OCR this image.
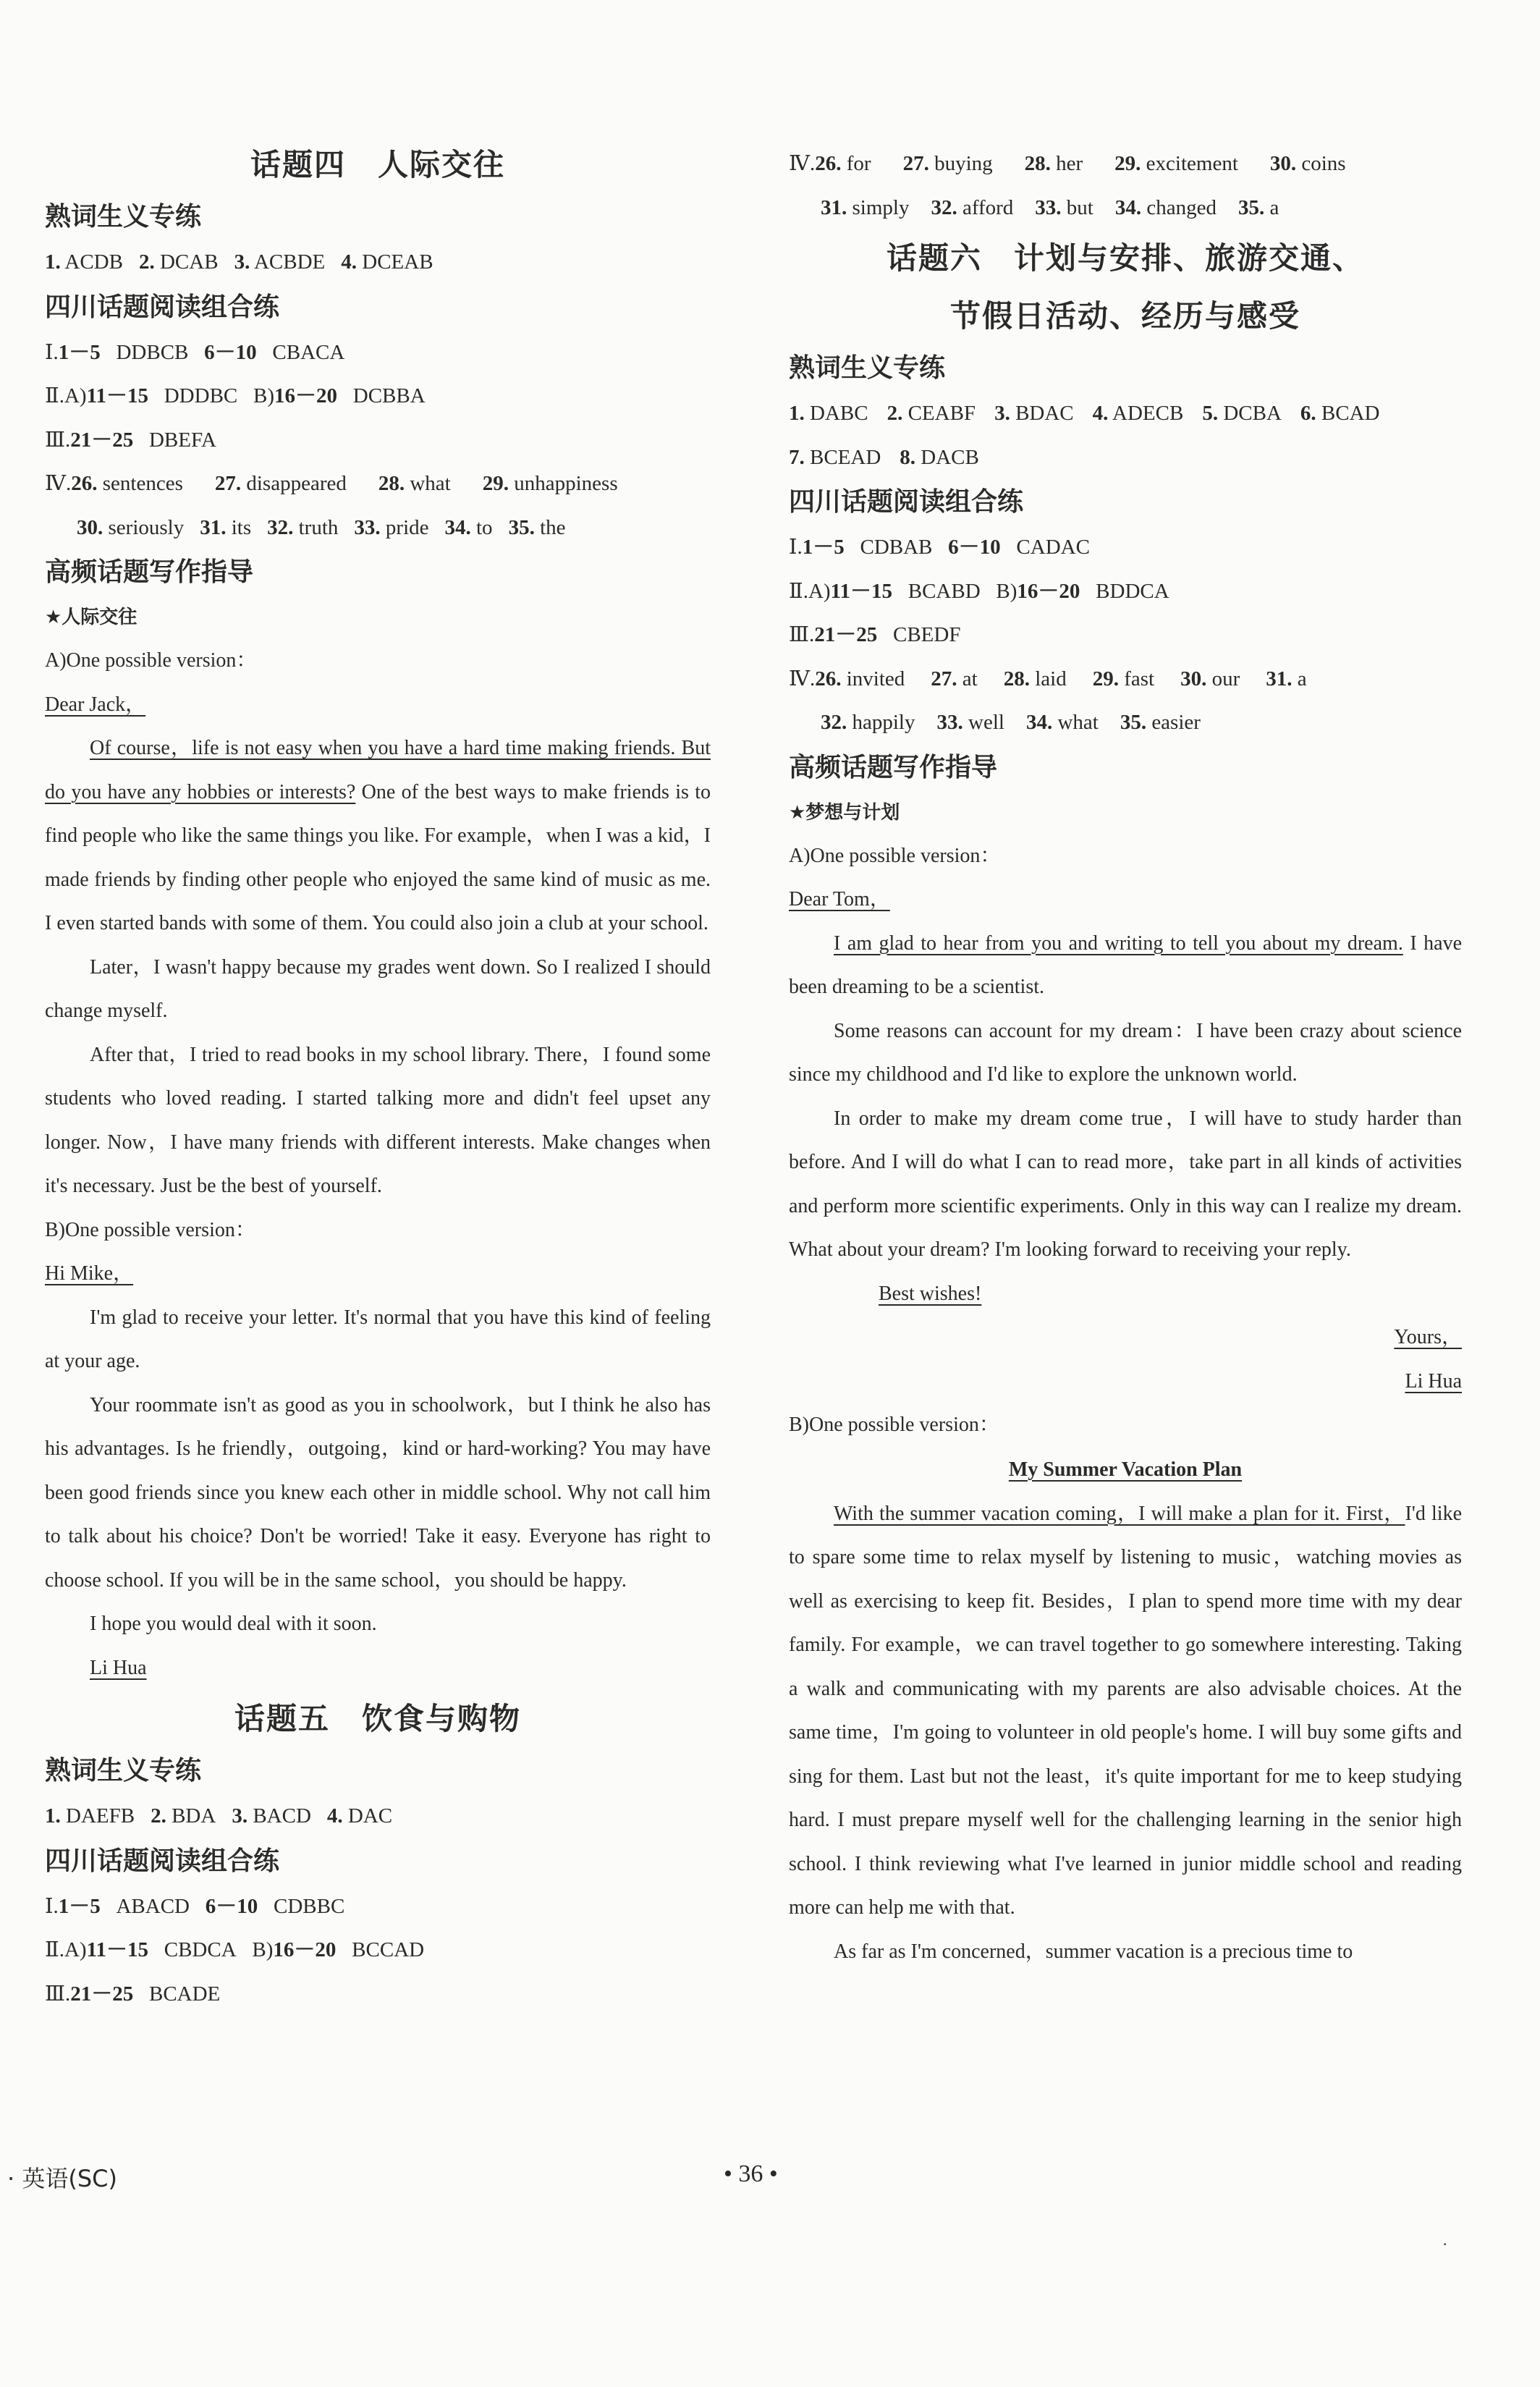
话题四　人际交往
熟词生义专练
1. ACDB 2. DCAB 3. ACBDE 4. DCEAB
四川话题阅读组合练
Ⅰ.1－5 DDBCB 6－10 CBACA
Ⅱ.A)11－15 DDDBC B)16－20 DCBBA
Ⅲ.21－25 DBEFA
Ⅳ.26. sentences 27. disappeared 28. what 29. unhappiness
30. seriously 31. its 32. truth 33. pride 34. to 35. the
高频话题写作指导
★人际交往
A)One possible version：
Dear Jack，
Of course，life is not easy when you have a hard time making friends. But do you have any hobbies or interests? One of the best ways to make friends is to find people who like the same things you like. For example，when I was a kid，I made friends by finding other people who enjoyed the same kind of music as me. I even started bands with some of them. You could also join a club at your school.
Later，I wasn't happy because my grades went down. So I realized I should change myself.
After that，I tried to read books in my school library. There，I found some students who loved reading. I started talking more and didn't feel upset any longer. Now，I have many friends with different interests. Make changes when it's necessary. Just be the best of yourself.
B)One possible version：
Hi Mike，
I'm glad to receive your letter. It's normal that you have this kind of feeling at your age.
Your roommate isn't as good as you in schoolwork，but I think he also has his advantages. Is he friendly，outgoing，kind or hard-working? You may have been good friends since you knew each other in middle school. Why not call him to talk about his choice? Don't be worried! Take it easy. Everyone has right to choose school. If you will be in the same school，you should be happy.
I hope you would deal with it soon.
Li Hua
话题五　饮食与购物
熟词生义专练
1. DAEFB 2. BDA 3. BACD 4. DAC
四川话题阅读组合练
Ⅰ.1－5 ABACD 6－10 CDBBC
Ⅱ.A)11－15 CBDCA B)16－20 BCCAD
Ⅲ.21－25 BCADE
Ⅳ.26. for 27. buying 28. her 29. excitement 30. coins
31. simply 32. afford 33. but 34. changed 35. a
话题六　计划与安排、旅游交通、
节假日活动、经历与感受
熟词生义专练
1. DABC 2. CEABF 3. BDAC 4. ADECB 5. DCBA 6. BCAD
7. BCEAD 8. DACB
四川话题阅读组合练
Ⅰ.1－5 CDBAB 6－10 CADAC
Ⅱ.A)11－15 BCABD B)16－20 BDDCA
Ⅲ.21－25 CBEDF
Ⅳ.26. invited 27. at 28. laid 29. fast 30. our 31. a
32. happily 33. well 34. what 35. easier
高频话题写作指导
★梦想与计划
A)One possible version：
Dear Tom，
I am glad to hear from you and writing to tell you about my dream. I have been dreaming to be a scientist.
Some reasons can account for my dream：I have been crazy about science since my childhood and I'd like to explore the unknown world.
In order to make my dream come true，I will have to study harder than before. And I will do what I can to read more，take part in all kinds of activities and perform more scientific experiments. Only in this way can I realize my dream. What about your dream? I'm looking forward to receiving your reply.
Best wishes!
Yours，
Li Hua
B)One possible version：
My Summer Vacation Plan
With the summer vacation coming，I will make a plan for it. First，I'd like to spare some time to relax myself by listening to music，watching movies as well as exercising to keep fit. Besides，I plan to spend more time with my dear family. For example，we can travel together to go somewhere interesting. Taking a walk and communicating with my parents are also advisable choices. At the same time，I'm going to volunteer in old people's home. I will buy some gifts and sing for them. Last but not the least，it's quite important for me to keep studying hard. I must prepare myself well for the challenging learning in the senior high school. I think reviewing what I've learned in junior middle school and reading more can help me with that.
As far as I'm concerned，summer vacation is a precious time to
· 英语(SC)	• 36 •
·
